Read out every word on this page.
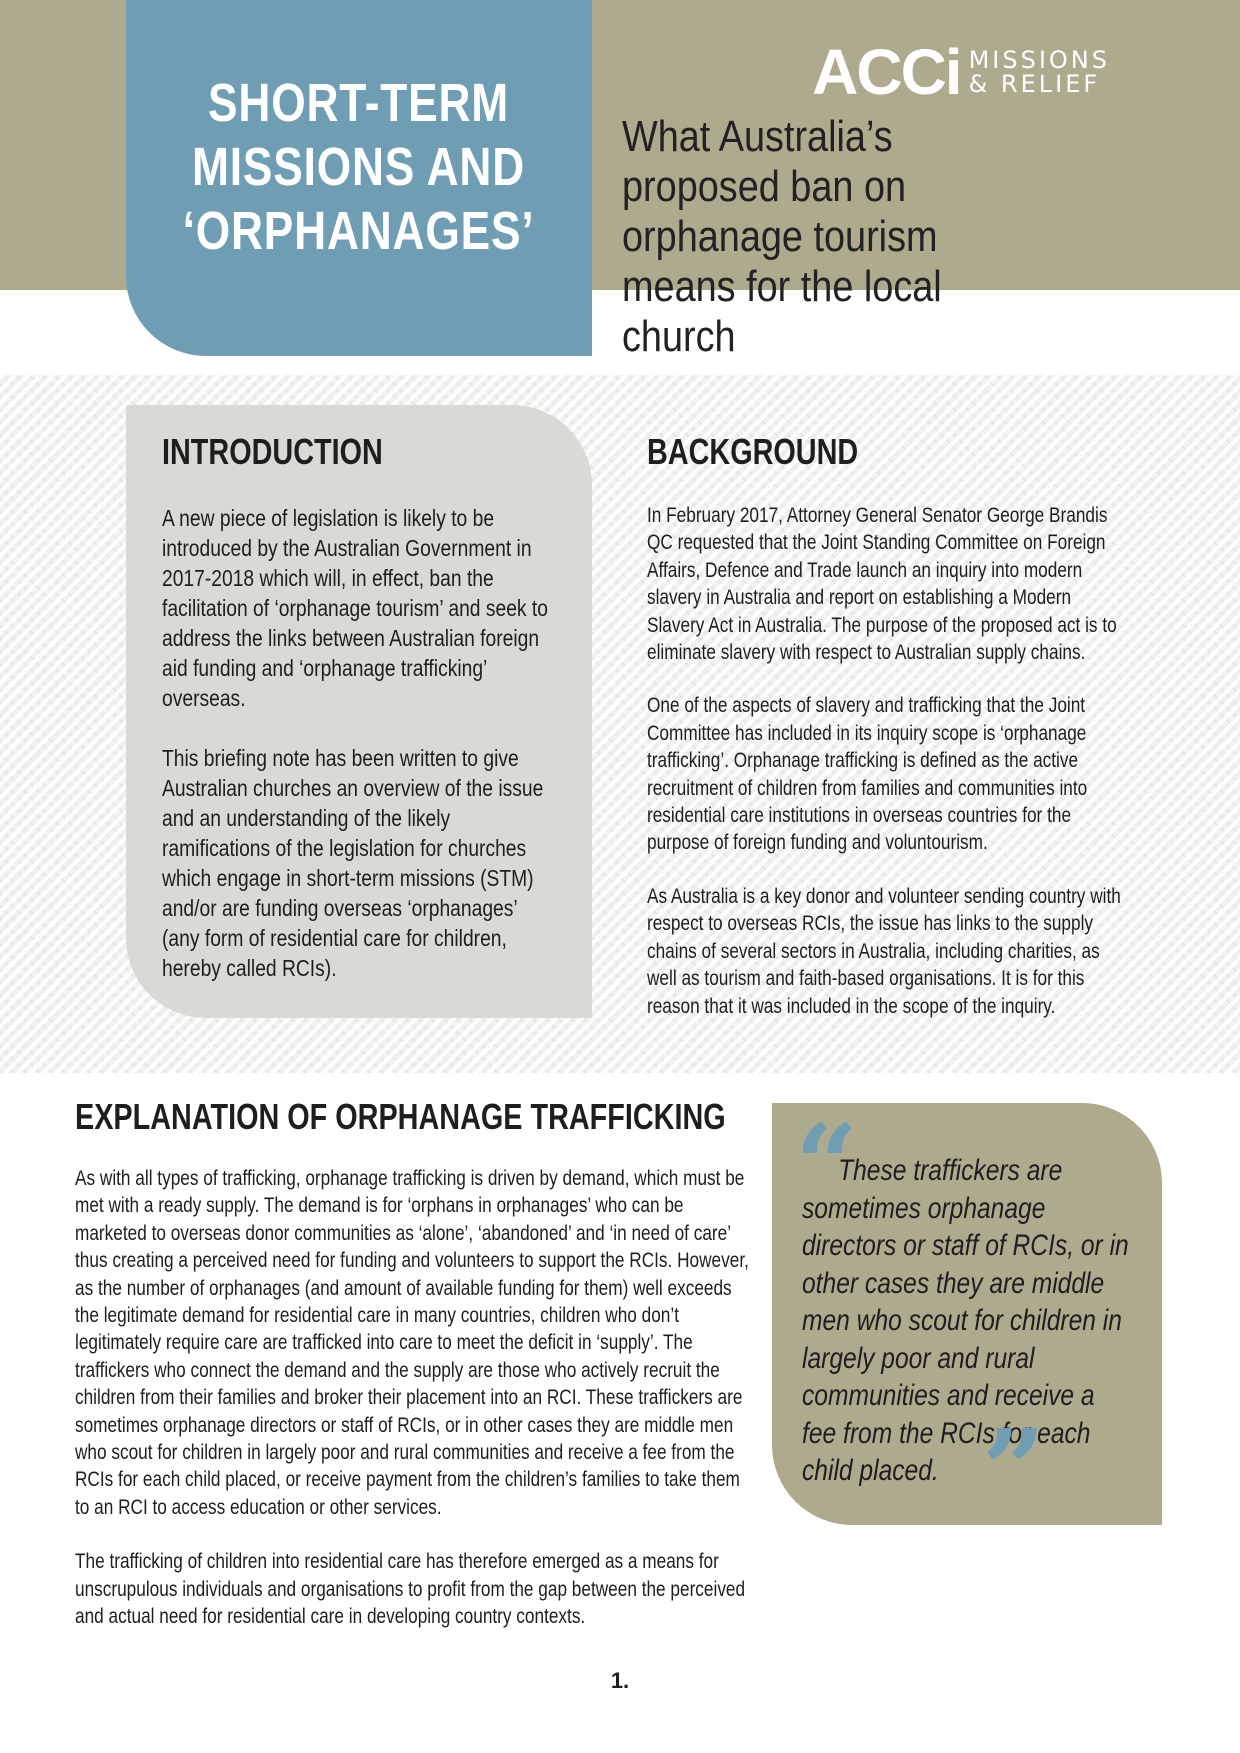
SHORT-TERM
MISSIONS AND
‘ORPHANAGES’
ACCi MISSIONS
& RELIEF
What Australia’s proposed ban on orphanage tourism means for the local church
INTRODUCTION

A new piece of legislation is likely to be introduced by the Australian Government in 2017-2018 which will, in effect, ban the facilitation of ‘orphanage tourism’ and seek to address the links between Australian foreign aid funding and ‘orphanage trafficking’ overseas.

This briefing note has been written to give Australian churches an overview of the issue and an understanding of the likely ramifications of the legislation for churches which engage in short-term missions (STM) and/or are funding overseas ‘orphanages’ (any form of residential care for children, hereby called RCIs).

BACKGROUND

In February 2017, Attorney General Senator George Brandis QC requested that the Joint Standing Committee on Foreign Affairs, Defence and Trade launch an inquiry into modern slavery in Australia and report on establishing a Modern Slavery Act in Australia. The purpose of the proposed act is to eliminate slavery with respect to Australian supply chains.

One of the aspects of slavery and trafficking that the Joint Committee has included in its inquiry scope is ‘orphanage trafficking’. Orphanage trafficking is defined as the active recruitment of children from families and communities into residential care institutions in overseas countries for the purpose of foreign funding and voluntourism.

As Australia is a key donor and volunteer sending country with respect to overseas RCIs, the issue has links to the supply chains of several sectors in Australia, including charities, as well as tourism and faith-based organisations. It is for this reason that it was included in the scope of the inquiry.

EXPLANATION OF ORPHANAGE TRAFFICKING

As with all types of trafficking, orphanage trafficking is driven by demand, which must be met with a ready supply. The demand is for ‘orphans in orphanages’ who can be marketed to overseas donor communities as ‘alone’, ‘abandoned’ and ‘in need of care’ thus creating a perceived need for funding and volunteers to support the RCIs. However, as the number of orphanages (and amount of available funding for them) well exceeds the legitimate demand for residential care in many countries, children who don’t legitimately require care are trafficked into care to meet the deficit in ‘supply’. The traffickers who connect the demand and the supply are those who actively recruit the children from their families and broker their placement into an RCI. These traffickers are sometimes orphanage directors or staff of RCIs, or in other cases they are middle men who scout for children in largely poor and rural communities and receive a fee from the RCIs for each child placed, or receive payment from the children’s families to take them to an RCI to access education or other services.

The trafficking of children into residential care has therefore emerged as a means for unscrupulous individuals and organisations to profit from the gap between the perceived and actual need for residential care in developing country contexts.

“
These traffickers are sometimes orphanage directors or staff of RCIs, or in other cases they are middle men who scout for children in largely poor and rural communities and receive a fee from the RCIs for each child placed. ”
1.
